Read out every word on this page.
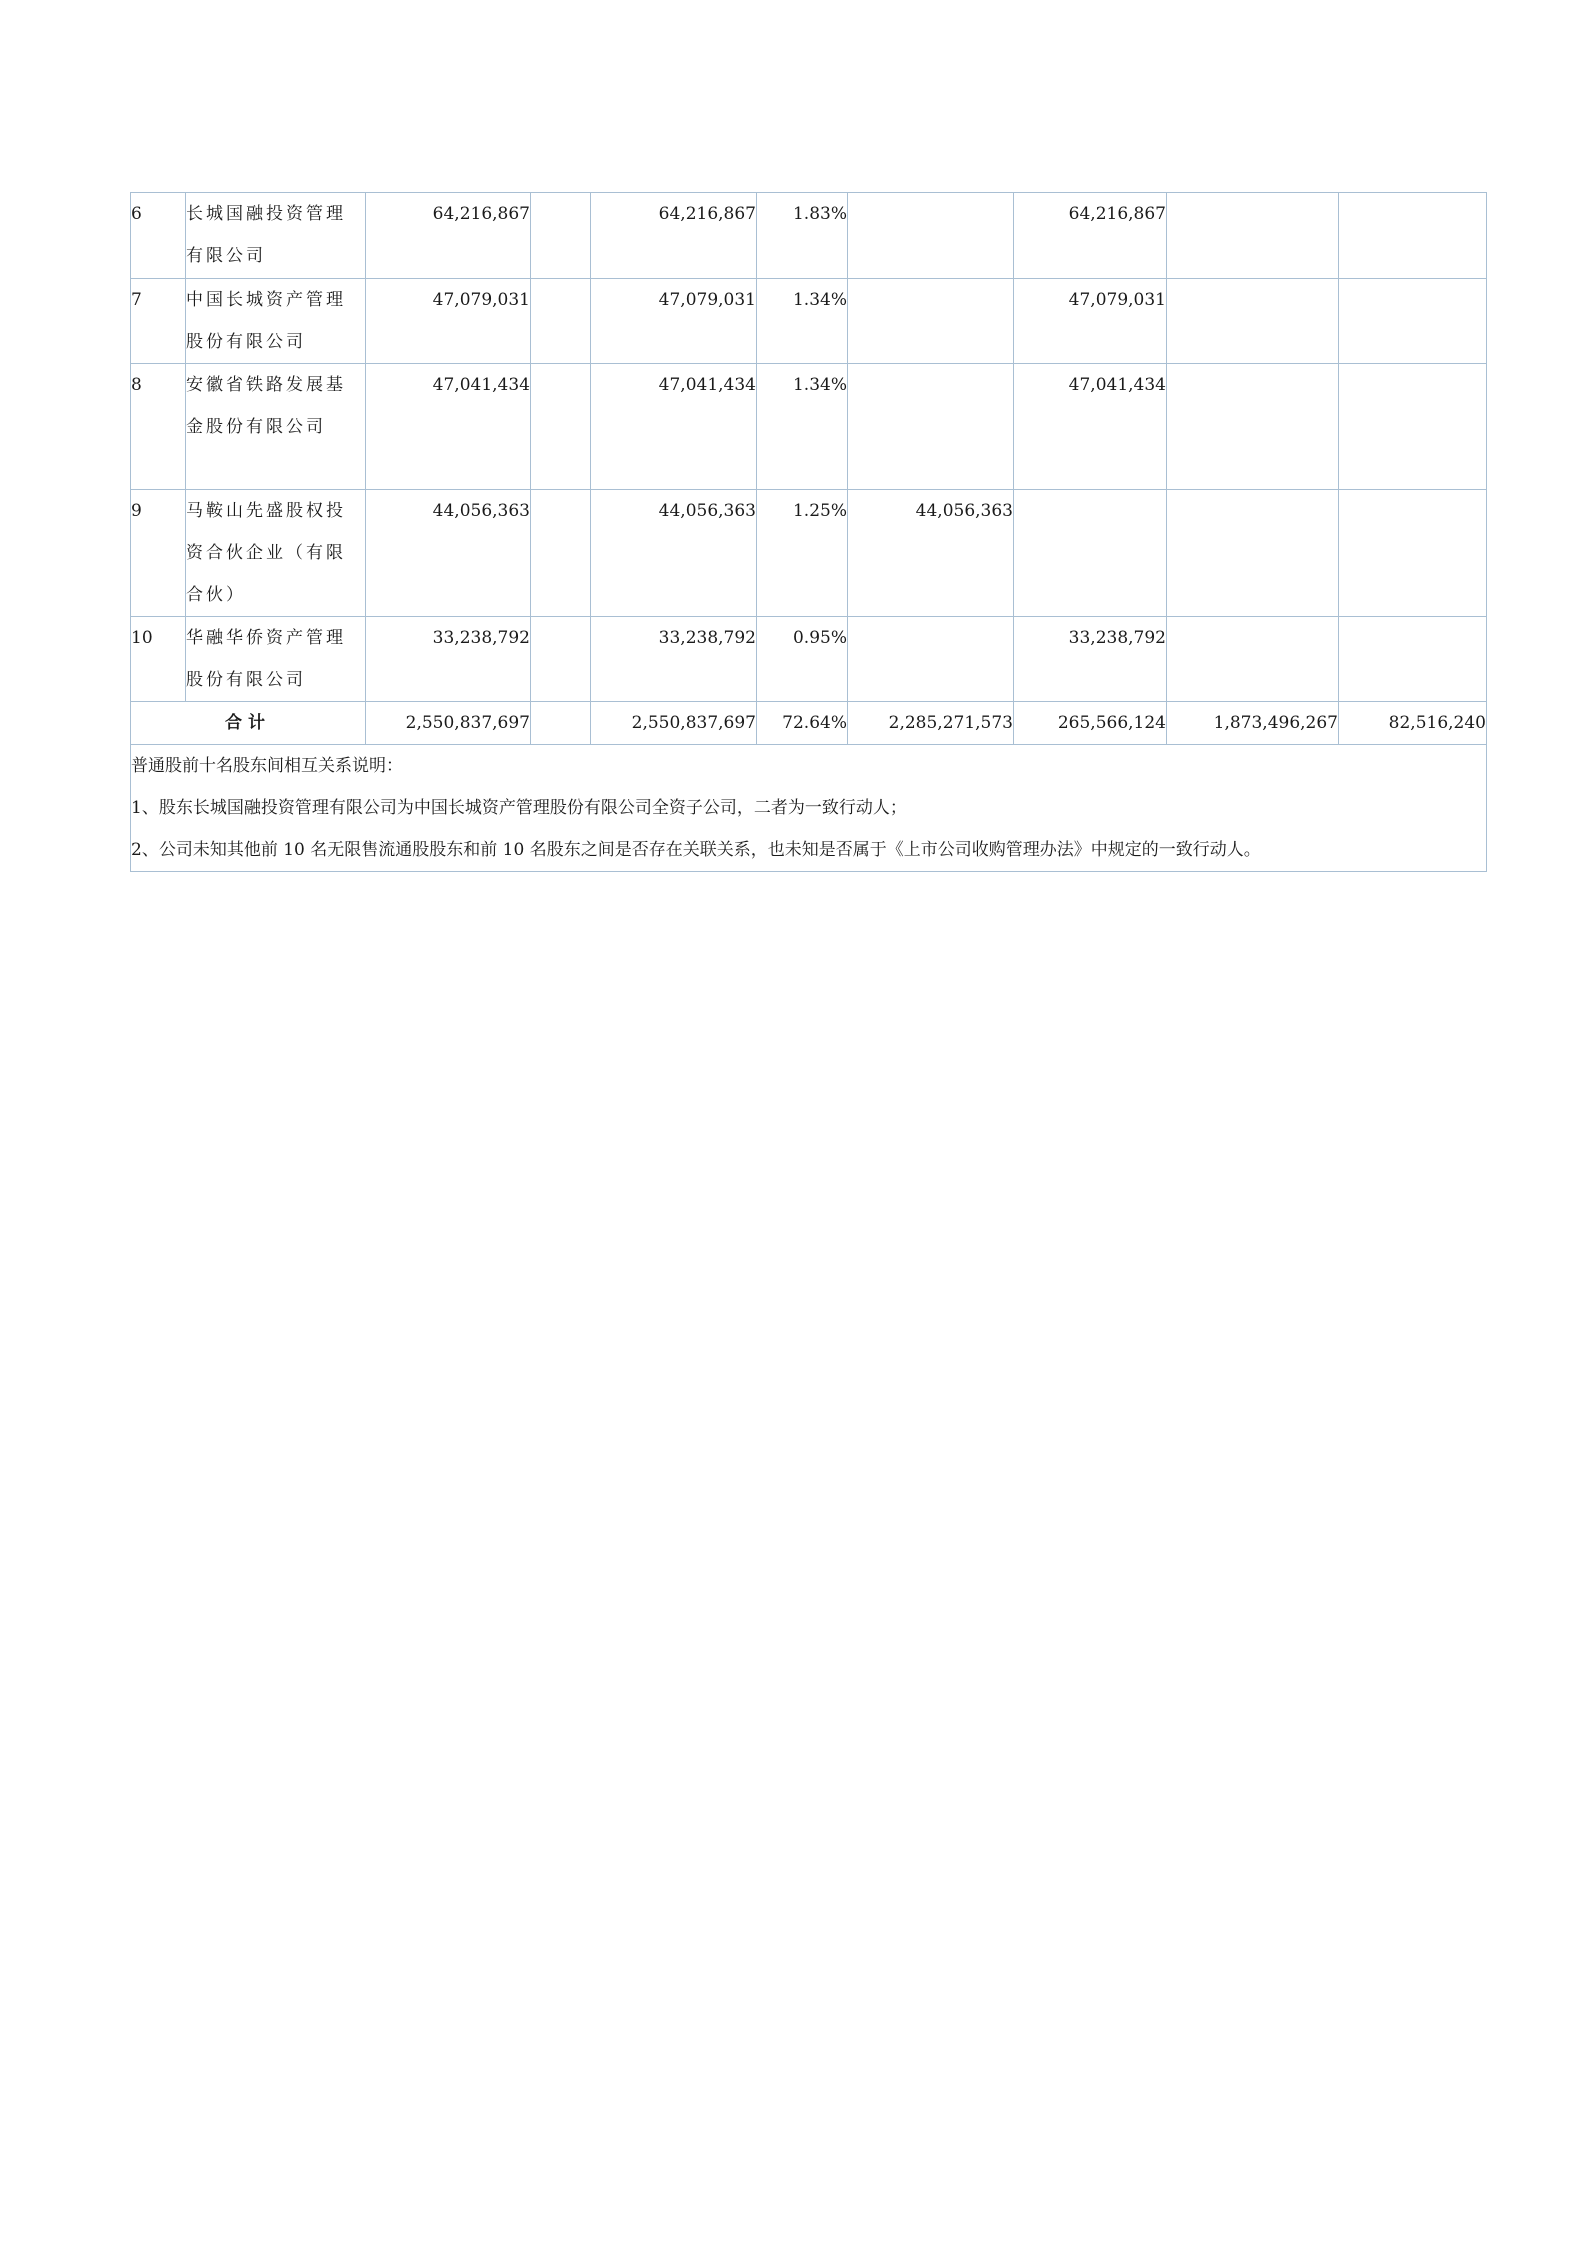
6	长城国融投资管理有限公司	64,216,867		64,216,867	1.83%		64,216,867		
7	中国长城资产管理股份有限公司	47,079,031		47,079,031	1.34%		47,079,031		
8	安徽省铁路发展基金股份有限公司	47,041,434		47,041,434	1.34%		47,041,434		
9	马鞍山先盛股权投资合伙企业（有限合伙）	44,056,363		44,056,363	1.25%	44,056,363			
10	华融华侨资产管理股份有限公司	33,238,792		33,238,792	0.95%		33,238,792		
合计		2,550,837,697		2,550,837,697	72.64%	2,285,271,573	265,566,124	1,873,496,267	82,516,240

普通股前十名股东间相互关系说明：
1、股东长城国融投资管理有限公司为中国长城资产管理股份有限公司全资子公司，二者为一致行动人；
2、公司未知其他前 10 名无限售流通股股东和前 10 名股东之间是否存在关联关系，也未知是否属于《上市公司收购管理办法》中规定的一致行动人。									
